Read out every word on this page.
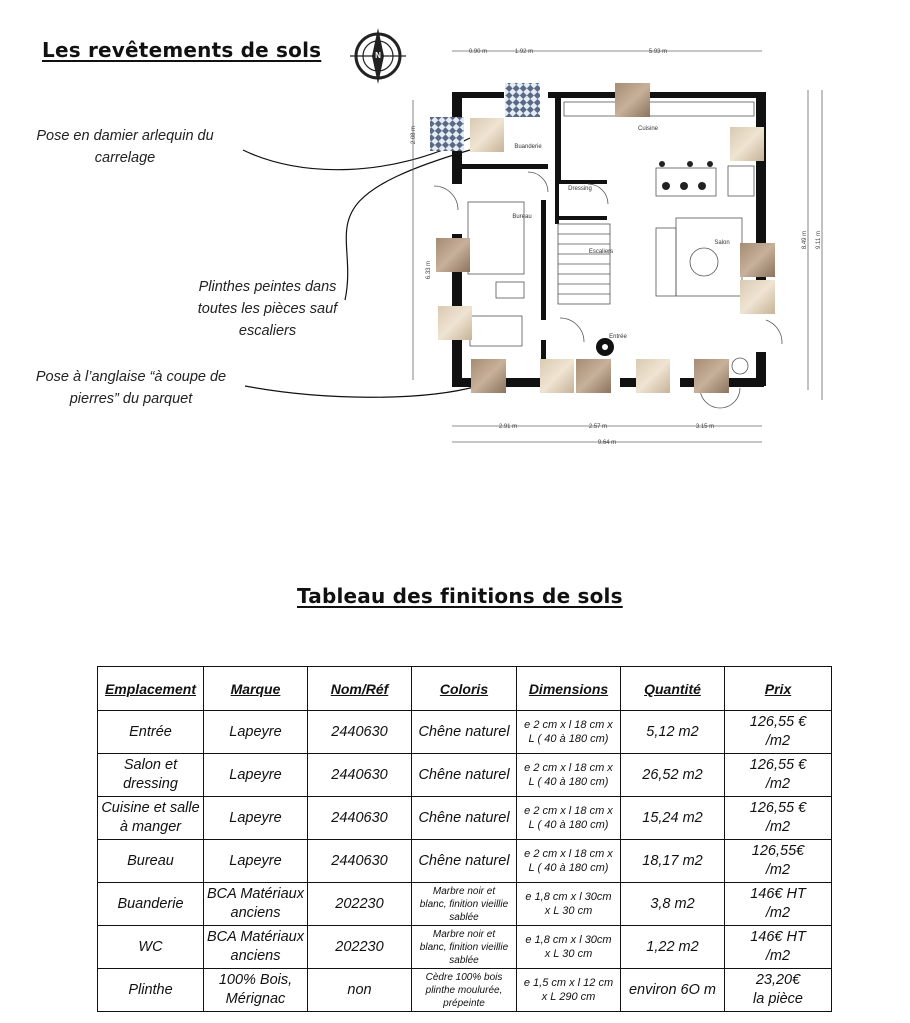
Les revêtements de sols
Pose en damier arlequin du
carrelage
Plinthes peintes dans
toutes les pièces sauf
escaliers
Pose à l’anglaise “à coupe de
pierres” du parquet
N	0.90 m	1.92 m	5.93 m
2.08 m
6.33 m
8.49 m 9.11 m
2.91 m	2.57 m	3.15 m
9.64 m
Cuisine
Buanderie
Dressing
Bureau
Salon
Escaliers
Entrée
Tableau des finitions de sols
Emplacement	Marque	Nom/Réf	Coloris	Dimensions	Quantité	Prix
Entrée	Lapeyre	2440630	Chêne naturel	e 2 cm x l 18 cm x
L ( 40 à 180 cm)	5,12 m2	126,55 €
/m2
Salon et
dressing	Lapeyre	2440630	Chêne naturel	e 2 cm x l 18 cm x
L ( 40 à 180 cm)	26,52 m2	126,55 €
/m2
Cuisine et salle
à manger	Lapeyre	2440630	Chêne naturel	e 2 cm x l 18 cm x
L ( 40 à 180 cm)	15,24 m2	126,55 €
/m2
Bureau	Lapeyre	2440630	Chêne naturel	e 2 cm x l 18 cm x
L ( 40 à 180 cm)	18,17 m2	126,55€
/m2
Buanderie	BCA Matériaux
anciens	202230	Marbre noir et
blanc, finition vieillie
sablée	e 1,8 cm x l 30cm
x L 30 cm	3,8 m2	146€ HT
/m2
WC	BCA Matériaux
anciens	202230	Marbre noir et
blanc, finition vieillie
sablée	e 1,8 cm x l 30cm
x L 30 cm	1,22 m2	146€ HT
/m2
Plinthe	100% Bois,
Mérignac	non	Cèdre 100% bois
plinthe moulurée,
prépeinte	e 1,5 cm x l 12 cm
x L 290 cm	environ 6O m	23,20€
la pièce
